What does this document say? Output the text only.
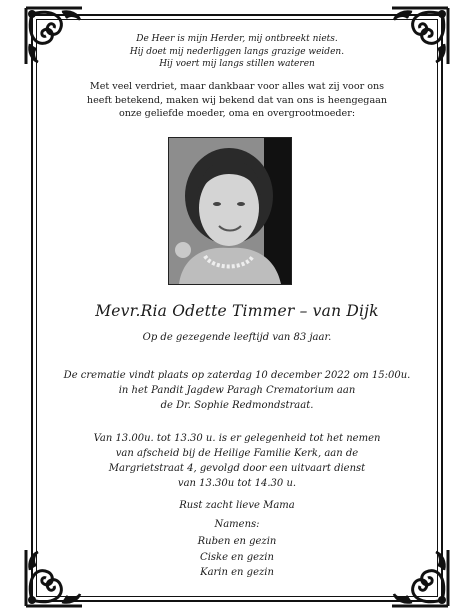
De Heer is mijn Herder, mij ontbreekt niets.
Hij doet mij nederliggen langs grazige weiden.
Hij voert mij langs stillen wateren
Met veel verdriet, maar dankbaar voor alles wat zij voor ons
heeft betekend, maken wij bekend dat van ons is heengegaan
onze geliefde moeder, oma en overgrootmoeder:
Mevr.Ria Odette Timmer – van Dijk
Op de gezegende leeftijd van 83 jaar.
De crematie vindt plaats op zaterdag 10 december 2022 om 15:00u.
in het Pandit Jagdew Paragh Crematorium aan
de Dr. Sophie Redmondstraat.
Van 13.00u. tot 13.30 u. is er gelegenheid tot het nemen
van afscheid bij de Heilige Familie Kerk, aan de
Margrietstraat 4, gevolgd door een uitvaart dienst
van 13.30u tot 14.30 u.
Rust zacht lieve Mama
Namens:
Ruben en gezin
Ciske en gezin
Karin en gezin
